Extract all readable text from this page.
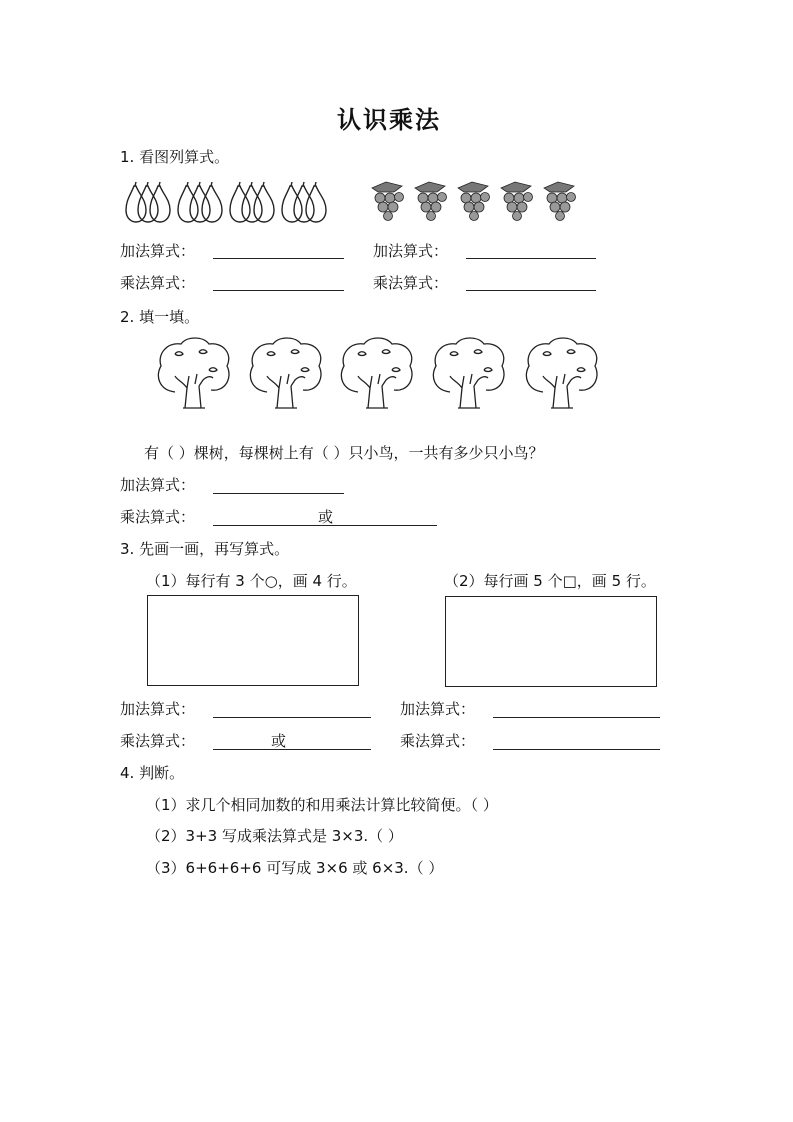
认识乘法
1. 看图列算式。
加法算式：	加法算式：
乘法算式：	乘法算式：
2. 填一填。
有（ ）棵树，每棵树上有（ ）只小鸟，一共有多少只小鸟？
加法算式：
乘法算式：	或
3. 先画一画，再写算式。
（1）每行有 3 个○，画 4 行。	（2）每行画 5 个□，画 5 行。
加法算式：	加法算式：
乘法算式：	或	乘法算式：
4. 判断。
（1）求几个相同加数的和用乘法计算比较简便。（ ）
（2）3+3 写成乘法算式是 3×3.（ ）
（3）6+6+6+6 可写成 3×6 或 6×3.（ ）
